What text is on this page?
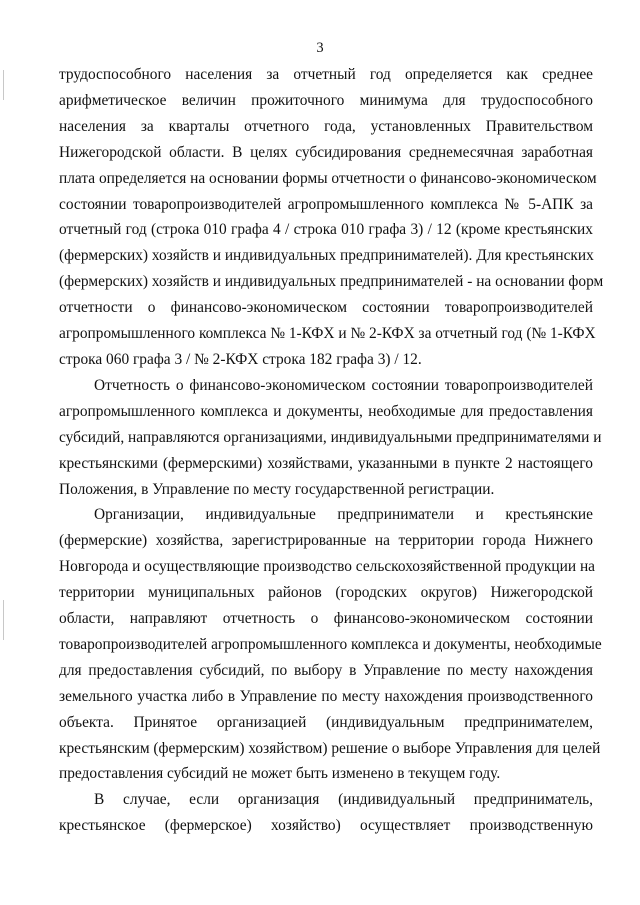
3
трудоспособного населения за отчетный год определяется как среднее
арифметическое величин прожиточного минимума для трудоспособного
населения за кварталы отчетного года, установленных Правительством
Нижегородской области. В целях субсидирования среднемесячная заработная
плата определяется на основании формы отчетности о финансово-экономическом
состоянии товаропроизводителей агропромышленного комплекса № 5-АПК за
отчетный год (строка 010 графа 4 / строка 010 графа 3) / 12 (кроме крестьянских
(фермерских) хозяйств и индивидуальных предпринимателей). Для крестьянских
(фермерских) хозяйств и индивидуальных предпринимателей - на основании форм
отчетности о финансово-экономическом состоянии товаропроизводителей
агропромышленного комплекса № 1-КФХ и № 2-КФХ за отчетный год (№ 1-КФХ
строка 060 графа 3 / № 2-КФХ строка 182 графа 3) / 12.
Отчетность о финансово-экономическом состоянии товаропроизводителей
агропромышленного комплекса и документы, необходимые для предоставления
субсидий, направляются организациями, индивидуальными предпринимателями и
крестьянскими (фермерскими) хозяйствами, указанными в пункте 2 настоящего
Положения, в Управление по месту государственной регистрации.
Организации, индивидуальные предприниматели и крестьянские
(фермерские) хозяйства, зарегистрированные на территории города Нижнего
Новгорода и осуществляющие производство сельскохозяйственной продукции на
территории муниципальных районов (городских округов) Нижегородской
области, направляют отчетность о финансово-экономическом состоянии
товаропроизводителей агропромышленного комплекса и документы, необходимые
для предоставления субсидий, по выбору в Управление по месту нахождения
земельного участка либо в Управление по месту нахождения производственного
объекта. Принятое организацией (индивидуальным предпринимателем,
крестьянским (фермерским) хозяйством) решение о выборе Управления для целей
предоставления субсидий не может быть изменено в текущем году.
В случае, если организация (индивидуальный предприниматель,
крестьянское (фермерское) хозяйство) осуществляет производственную
